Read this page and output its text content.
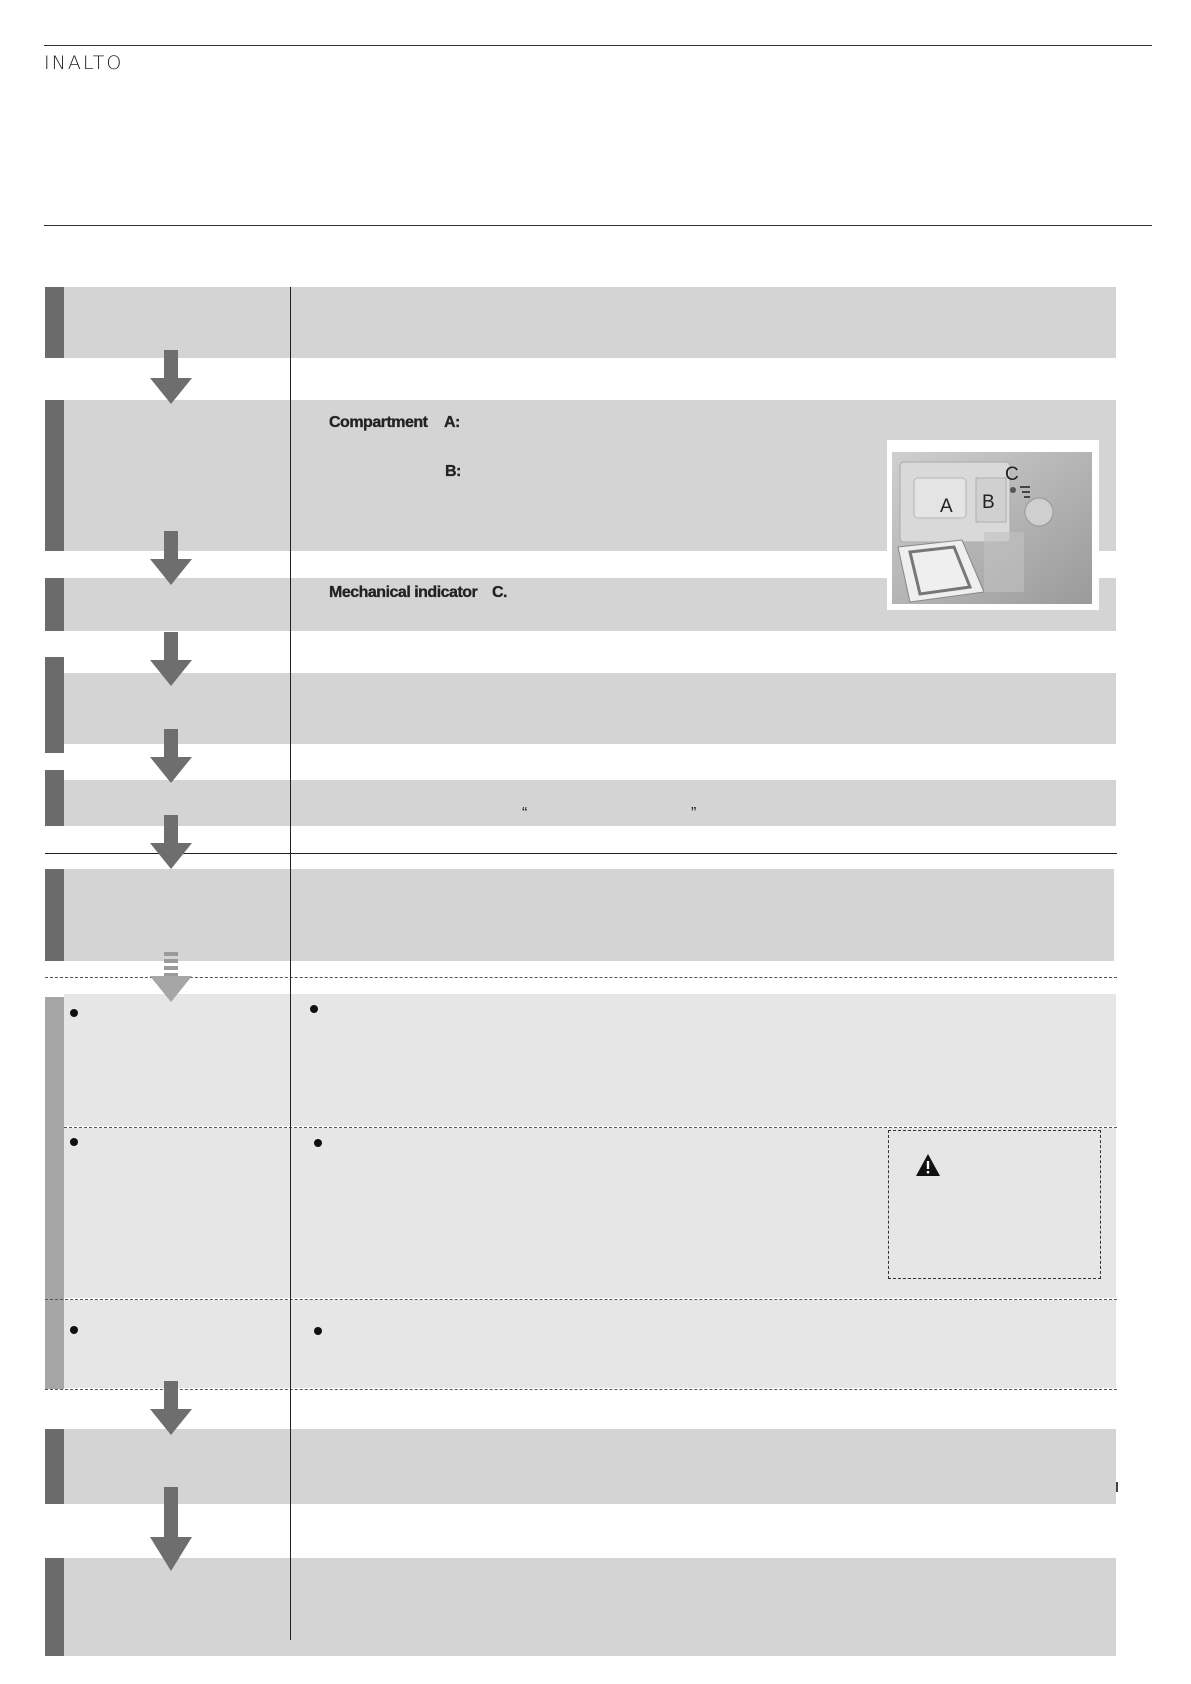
INALTO
Compartment A:
B:
Mechanical indicator C.
A B
C
“	”
